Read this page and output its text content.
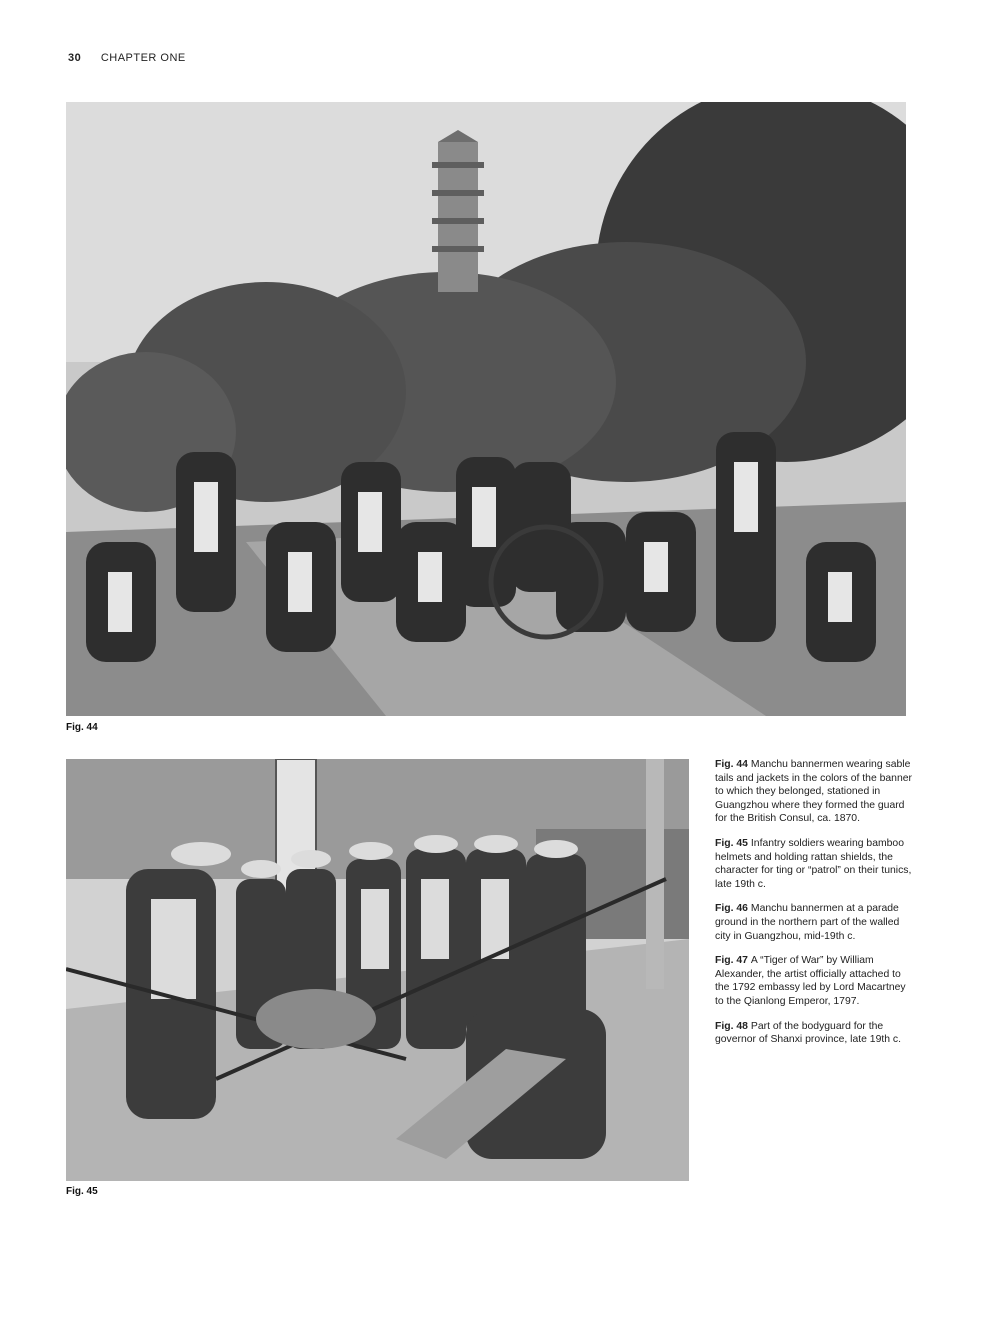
30 CHAPTER ONE
Fig. 44
Fig. 45

Fig. 44 Manchu bannermen wearing sable tails and jackets in the colors of the banner to which they belonged, stationed in Guangzhou where they formed the guard for the British Consul, ca. 1870.

Fig. 45 Infantry soldiers wearing bamboo helmets and holding rattan shields, the character for ting or “patrol” on their tunics, late 19th c.

Fig. 46 Manchu bannermen at a parade ground in the northern part of the walled city in Guangzhou, mid-19th c.

Fig. 47 A “Tiger of War” by William Alexander, the artist officially attached to the 1792 embassy led by Lord Macartney to the Qianlong Emperor, 1797.

Fig. 48 Part of the bodyguard for the governor of Shanxi province, late 19th c.
